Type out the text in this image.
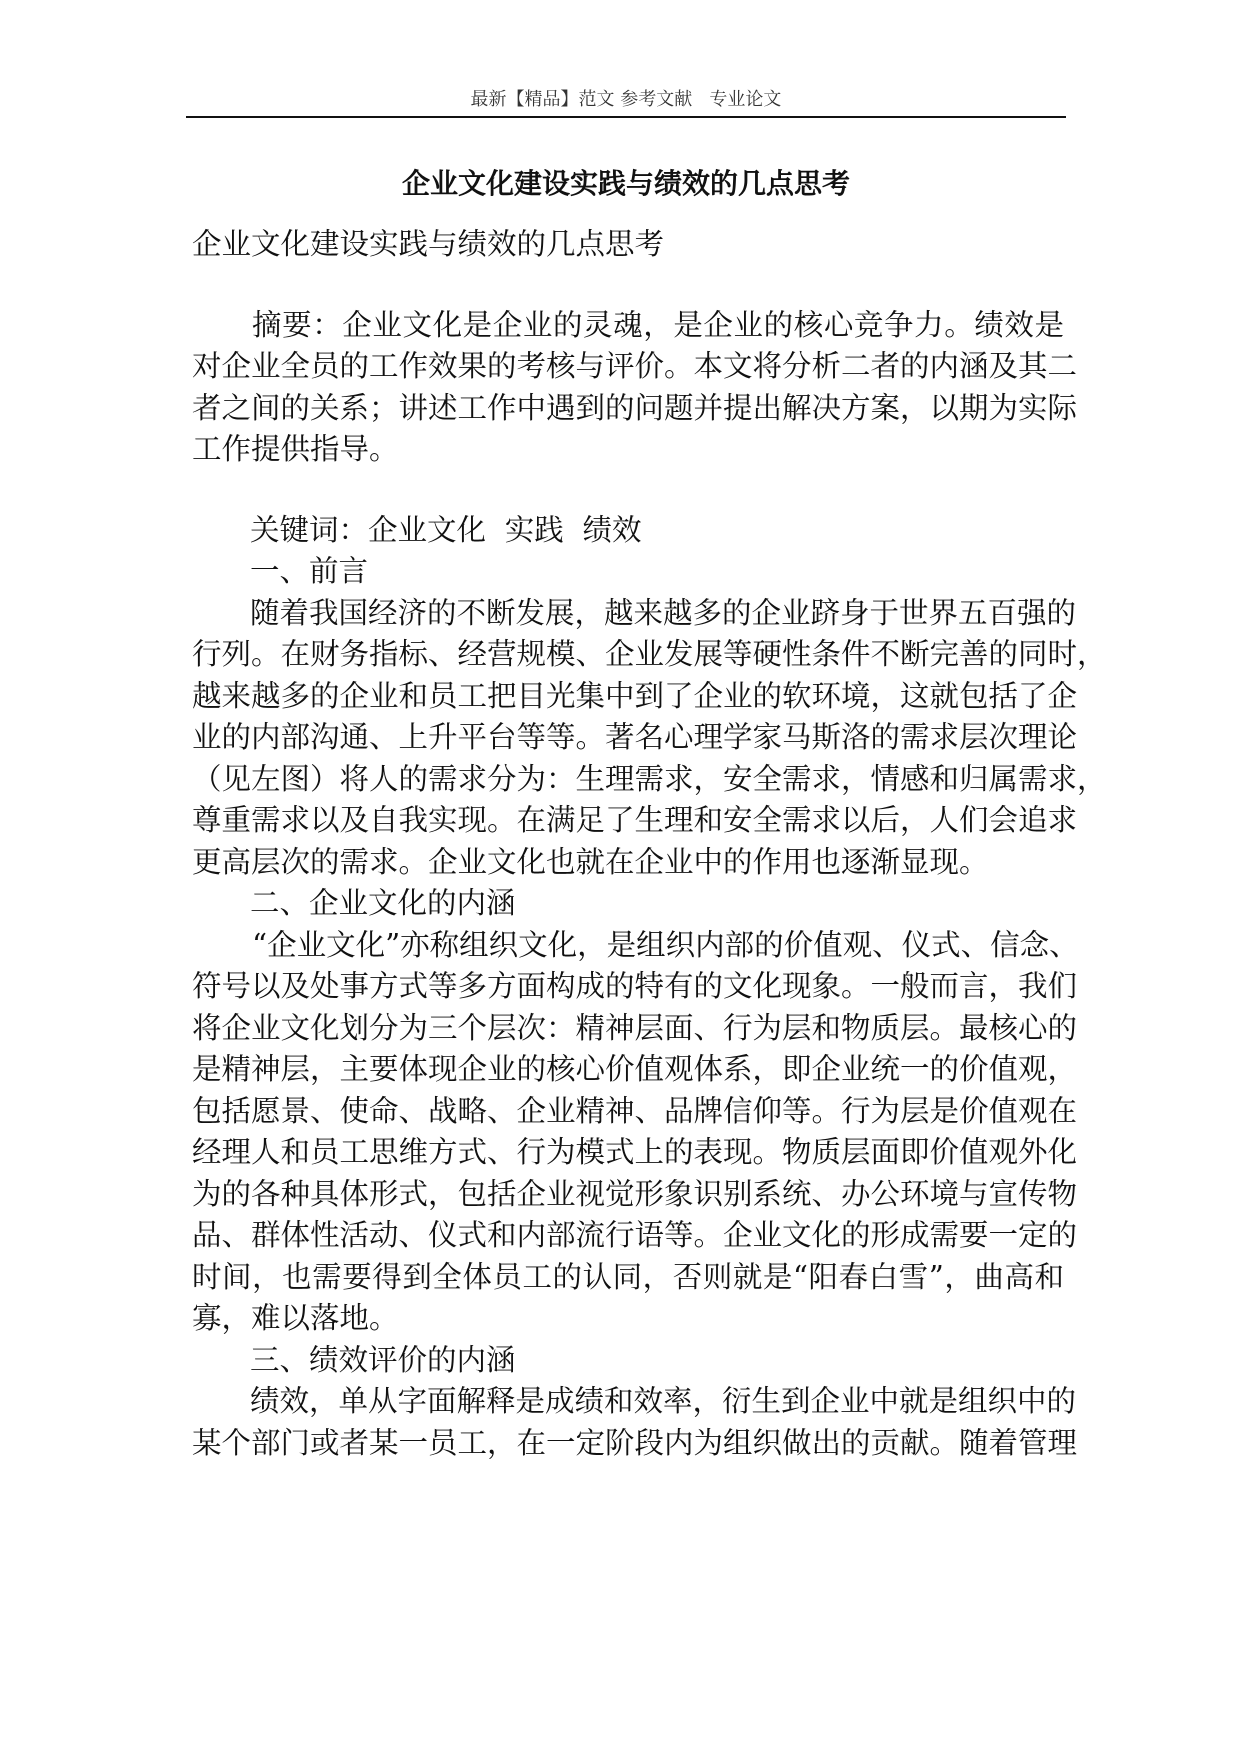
最新【精品】范文 参考文献   专业论文
企业文化建设实践与绩效的几点思考

企业文化建设实践与绩效的几点思考

摘要：企业文化是企业的灵魂，是企业的核心竞争力。绩效是

对企业全员的工作效果的考核与评价。本文将分析二者的内涵及其二

者之间的关系；讲述工作中遇到的问题并提出解决方案，以期为实际

工作提供指导。

关键词：企业文化  实践  绩效

一、前言

随着我国经济的不断发展，越来越多的企业跻身于世界五百强的

行列。在财务指标、经营规模、企业发展等硬性条件不断完善的同时，

越来越多的企业和员工把目光集中到了企业的软环境，这就包括了企

业的内部沟通、上升平台等等。著名心理学家马斯洛的需求层次理论

（见左图）将人的需求分为：生理需求，安全需求，情感和归属需求，

尊重需求以及自我实现。在满足了生理和安全需求以后，人们会追求

更高层次的需求。企业文化也就在企业中的作用也逐渐显现。

二、企业文化的内涵

“企业文化”亦称组织文化，是组织内部的价值观、仪式、信念、

符号以及处事方式等多方面构成的特有的文化现象。一般而言，我们

将企业文化划分为三个层次：精神层面、行为层和物质层。最核心的

是精神层，主要体现企业的核心价值观体系，即企业统一的价值观，

包括愿景、使命、战略、企业精神、品牌信仰等。行为层是价值观在

经理人和员工思维方式、行为模式上的表现。物质层面即价值观外化

为的各种具体形式，包括企业视觉形象识别系统、办公环境与宣传物

品、群体性活动、仪式和内部流行语等。企业文化的形成需要一定的

时间，也需要得到全体员工的认同，否则就是“阳春白雪”，曲高和

寡，难以落地。

三、绩效评价的内涵

绩效，单从字面解释是成绩和效率，衍生到企业中就是组织中的

某个部门或者某一员工，在一定阶段内为组织做出的贡献。随着管理
